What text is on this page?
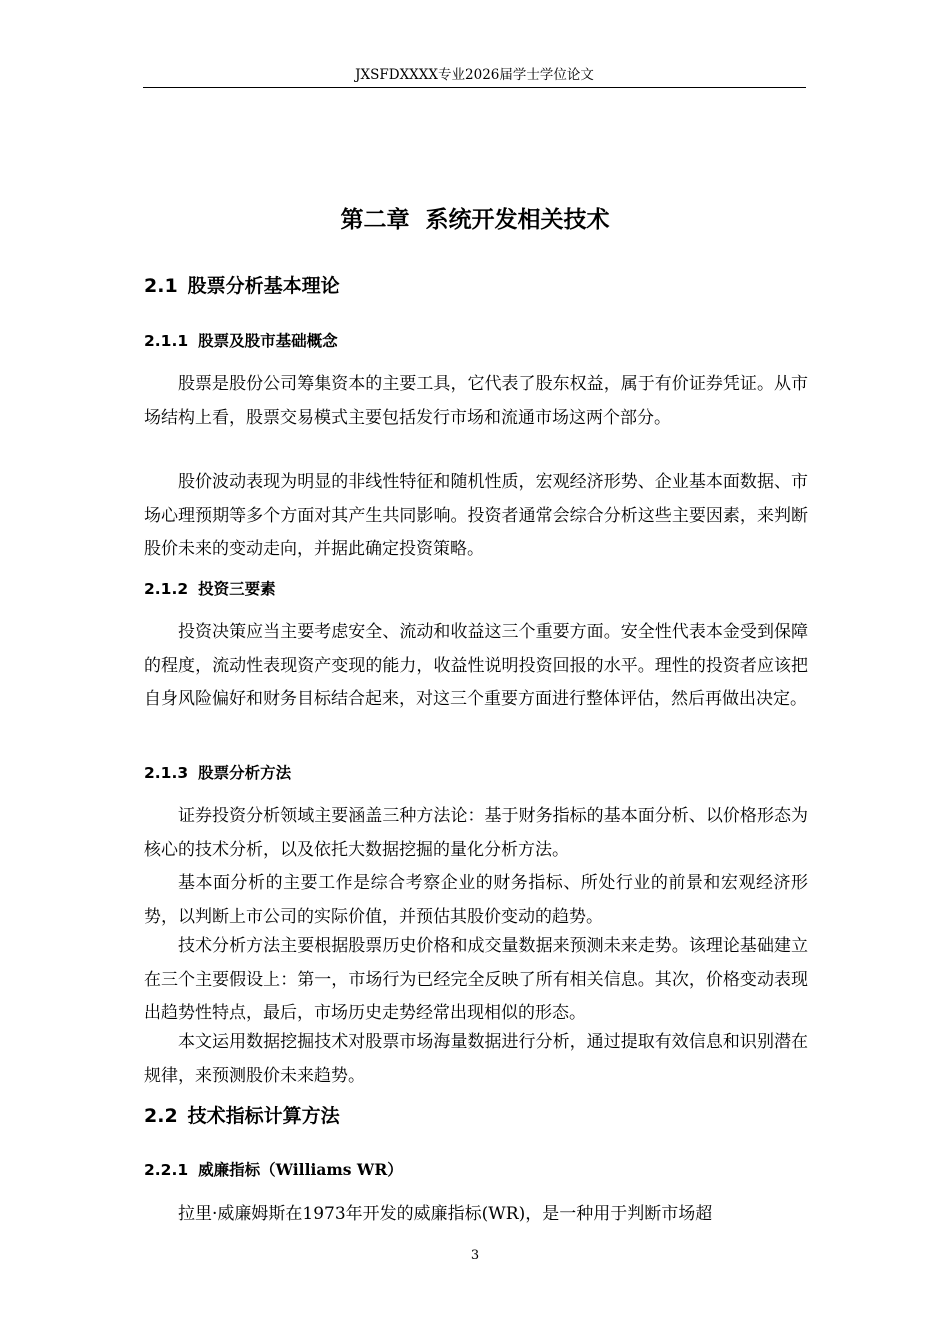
JXSFDXXXX专业2026届学士学位论文
第二章  系统开发相关技术
2.1 股票分析基本理论
2.1.1 股票及股市基础概念

股票是股份公司筹集资本的主要工具，它代表了股东权益，属于有价证券凭证。从市场结构上看，股票交易模式主要包括发行市场和流通市场这两个部分。

股价波动表现为明显的非线性特征和随机性质，宏观经济形势、企业基本面数据、市场心理预期等多个方面对其产生共同影响。投资者通常会综合分析这些主要因素，来判断股价未来的变动走向，并据此确定投资策略。

2.1.2 投资三要素

投资决策应当主要考虑安全、流动和收益这三个重要方面。安全性代表本金受到保障的程度，流动性表现资产变现的能力，收益性说明投资回报的水平。理性的投资者应该把自身风险偏好和财务目标结合起来，对这三个重要方面进行整体评估，然后再做出决定。

2.1.3 股票分析方法

证券投资分析领域主要涵盖三种方法论：基于财务指标的基本面分析、以价格形态为核心的技术分析，以及依托大数据挖掘的量化分析方法。

基本面分析的主要工作是综合考察企业的财务指标、所处行业的前景和宏观经济形势，以判断上市公司的实际价值，并预估其股价变动的趋势。

技术分析方法主要根据股票历史价格和成交量数据来预测未来走势。该理论基础建立在三个主要假设上：第一，市场行为已经完全反映了所有相关信息。其次，价格变动表现出趋势性特点，最后，市场历史走势经常出现相似的形态。

本文运用数据挖掘技术对股票市场海量数据进行分析，通过提取有效信息和识别潜在规律，来预测股价未来趋势。

2.2 技术指标计算方法
2.2.1 威廉指标（Williams WR）

拉里·威廉姆斯在1973年开发的威廉指标(WR)，是一种用于判断市场超

3
